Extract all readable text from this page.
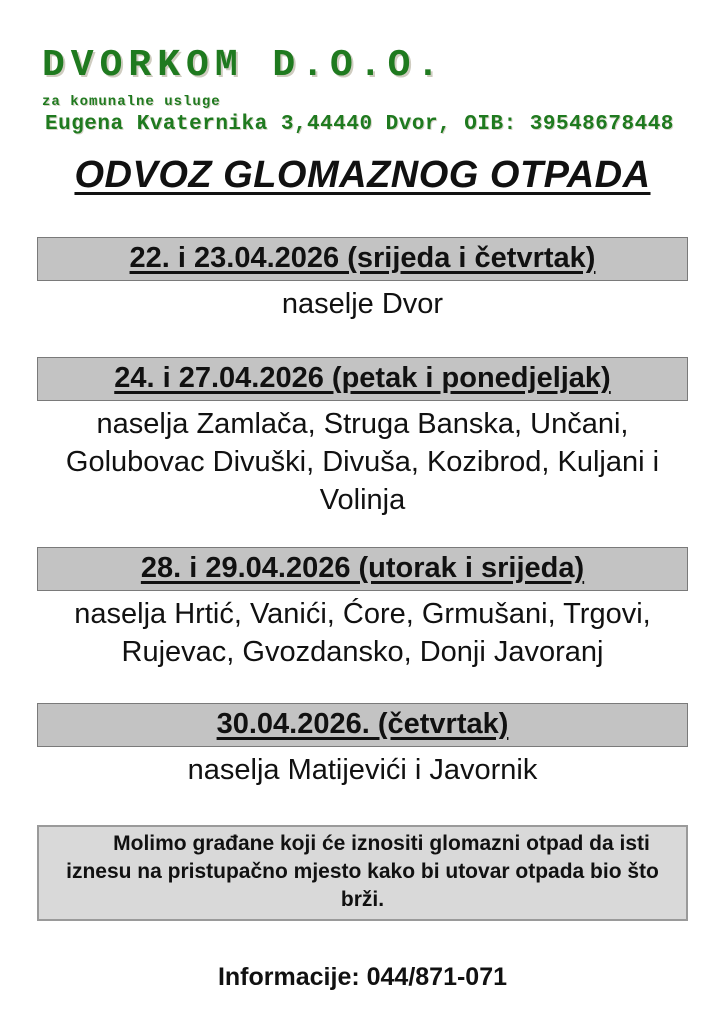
DVORKOM D.O.O.
za komunalne usluge
Eugena Kvaternika 3,44440 Dvor, OIB: 39548678448
ODVOZ GLOMAZNOG OTPADA
22. i 23.04.2026 (srijeda i četvrtak)

naselje Dvor

24. i 27.04.2026 (petak i ponedjeljak)

naselja Zamlača, Struga Banska, Unčani, Golubovac Divuški, Divuša, Kozibrod, Kuljani i Volinja

28. i 29.04.2026 (utorak i srijeda)

naselja Hrtić, Vanići, Ćore, Grmušani, Trgovi, Rujevac, Gvozdansko, Donji Javoranj

30.04.2026. (četvrtak)

naselja Matijevići i Javornik

Molimo građane koji će iznositi glomazni otpad da isti iznesu na pristupačno mjesto kako bi utovar otpada bio što brži.

Informacije: 044/871-071
